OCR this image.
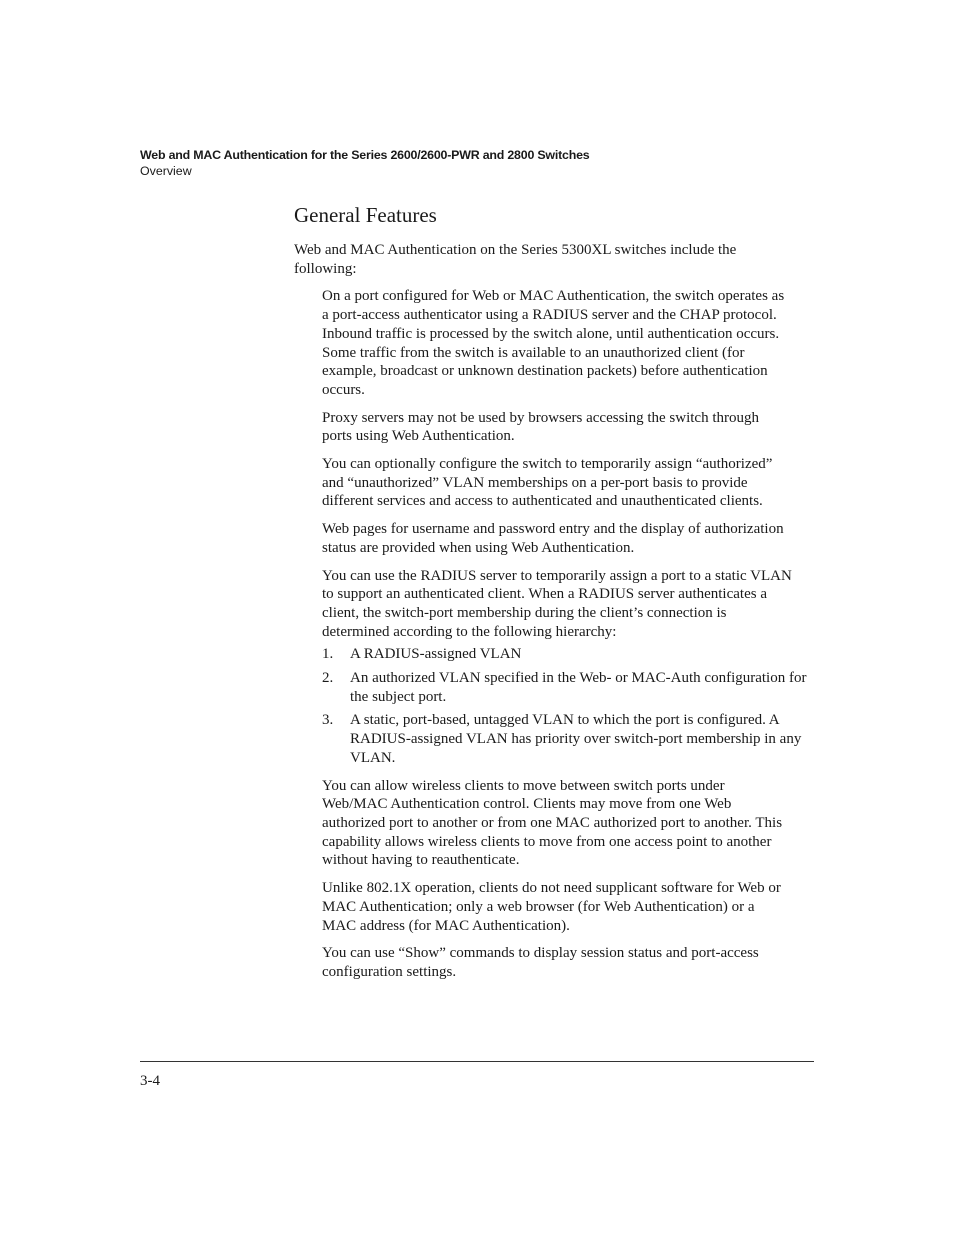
Web and MAC Authentication for the Series 2600/2600-PWR and 2800 Switches
Overview
General Features

Web and MAC Authentication on the Series 5300XL switches include the following:

On a port configured for Web or MAC Authentication, the switch operates as a port-access authenticator using a RADIUS server and the CHAP protocol. Inbound traffic is processed by the switch alone, until authentication occurs. Some traffic from the switch is available to an unauthorized client (for example, broadcast or unknown destination packets) before authentication occurs.

Proxy servers may not be used by browsers accessing the switch through ports using Web Authentication.

You can optionally configure the switch to temporarily assign “authorized” and “unauthorized” VLAN memberships on a per-port basis to provide different services and access to authenticated and unauthenticated clients.

Web pages for username and password entry and the display of authorization status are provided when using Web Authentication.

You can use the RADIUS server to temporarily assign a port to a static VLAN to support an authenticated client. When a RADIUS server authenticates a client, the switch-port membership during the client’s connection is determined according to the following hierarchy:

1. A RADIUS-assigned VLAN
2. An authorized VLAN specified in the Web- or MAC-Auth configuration for the subject port.
3. A static, port-based, untagged VLAN to which the port is configured. A RADIUS-assigned VLAN has priority over switch-port membership in any VLAN.

You can allow wireless clients to move between switch ports under Web/MAC Authentication control. Clients may move from one Web authorized port to another or from one MAC authorized port to another. This capability allows wireless clients to move from one access point to another without having to reauthenticate.

Unlike 802.1X operation, clients do not need supplicant software for Web or MAC Authentication; only a web browser (for Web Authentication) or a MAC address (for MAC Authentication).

You can use “Show” commands to display session status and port-access configuration settings.

3-4
